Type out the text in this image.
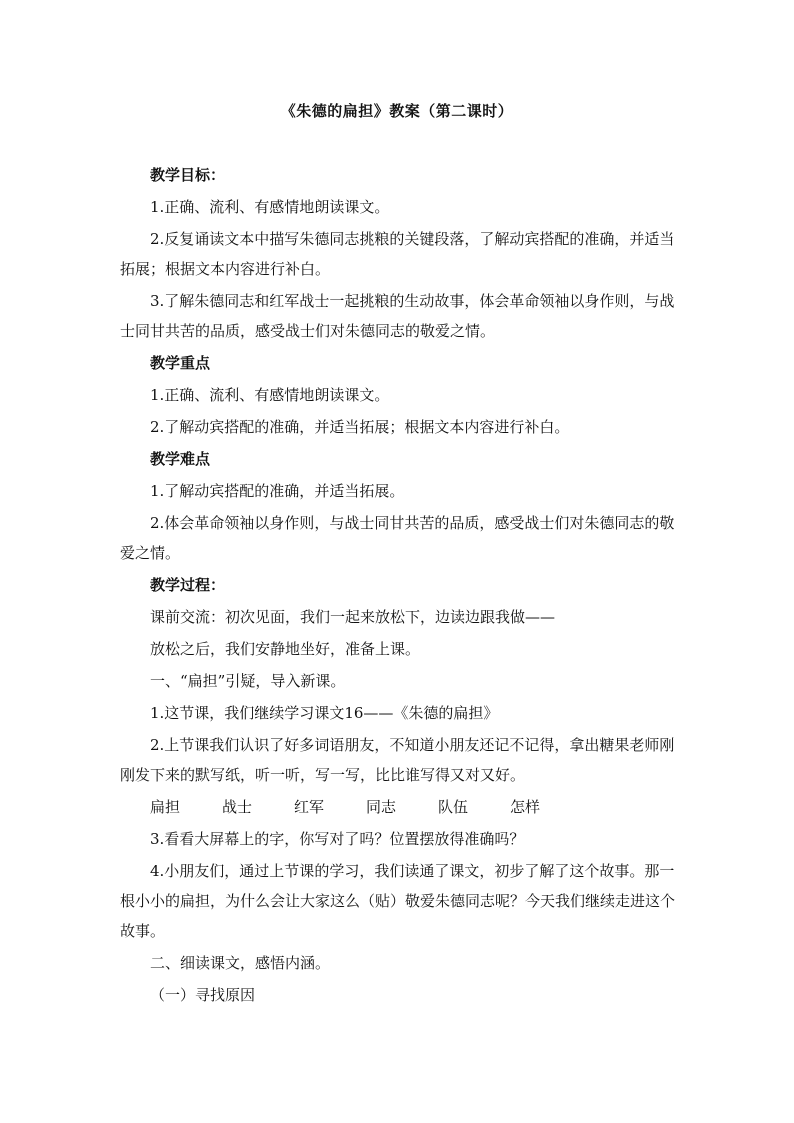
《朱德的扁担》教案（第二课时）

教学目标：

1.正确、流利、有感情地朗读课文。

2.反复诵读文本中描写朱德同志挑粮的关键段落，了解动宾搭配的准确，并适当拓展；根据文本内容进行补白。

3.了解朱德同志和红军战士一起挑粮的生动故事，体会革命领袖以身作则，与战士同甘共苦的品质，感受战士们对朱德同志的敬爱之情。

教学重点

1.正确、流利、有感情地朗读课文。

2.了解动宾搭配的准确，并适当拓展；根据文本内容进行补白。

教学难点

1.了解动宾搭配的准确，并适当拓展。

2.体会革命领袖以身作则，与战士同甘共苦的品质，感受战士们对朱德同志的敬爱之情。

教学过程：

课前交流：初次见面，我们一起来放松下，边读边跟我做——

放松之后，我们安静地坐好，准备上课。

一、“扁担”引疑，导入新课。

1.这节课，我们继续学习课文16——《朱德的扁担》

2.上节课我们认识了好多词语朋友，不知道小朋友还记不记得，拿出糖果老师刚刚发下来的默写纸，听一听，写一写，比比谁写得又对又好。

扁担	战士	红军	同志	队伍	怎样

3.看看大屏幕上的字，你写对了吗？位置摆放得准确吗？

4.小朋友们，通过上节课的学习，我们读通了课文，初步了解了这个故事。那一根小小的扁担，为什么会让大家这么（贴）敬爱朱德同志呢？今天我们继续走进这个故事。

二、细读课文，感悟内涵。

（一）寻找原因
